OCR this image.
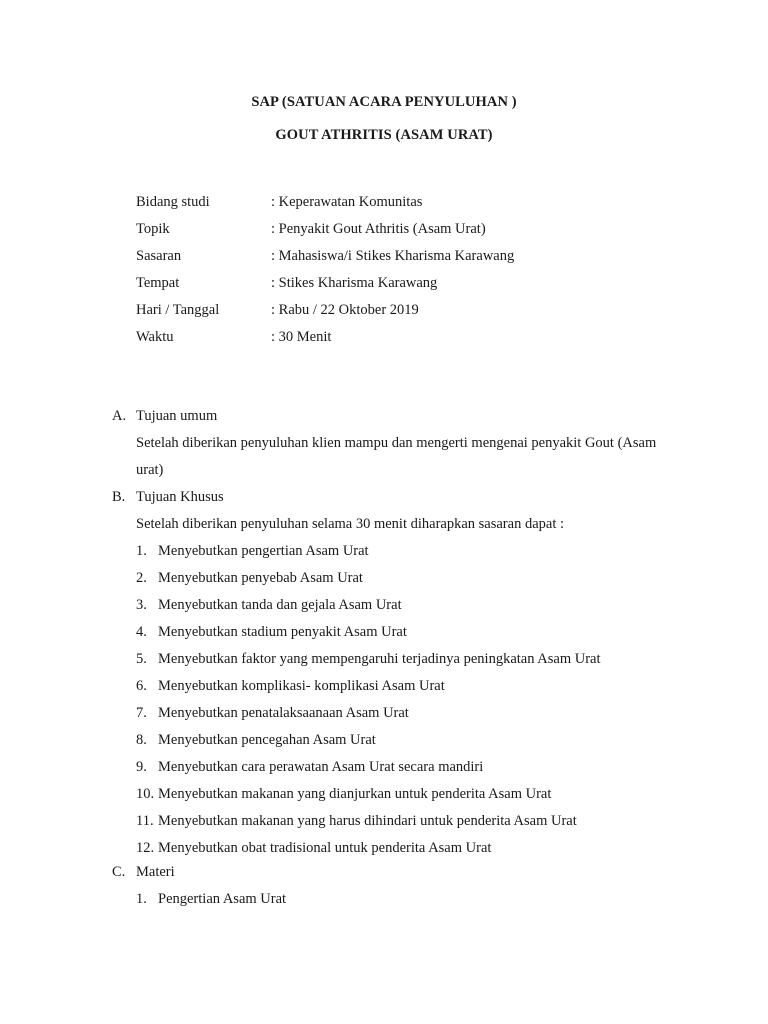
SAP (SATUAN ACARA PENYULUHAN )
GOUT ATHRITIS (ASAM URAT)
Bidang studi	: Keperawatan Komunitas
Topik	: Penyakit Gout Athritis (Asam Urat)
Sasaran	: Mahasiswa/i Stikes Kharisma Karawang
Tempat	: Stikes Kharisma Karawang
Hari / Tanggal	: Rabu / 22 Oktober 2019
Waktu	: 30 Menit
A. Tujuan umum
Setelah diberikan penyuluhan klien mampu dan mengerti mengenai penyakit Gout (Asam
urat)
B. Tujuan Khusus
Setelah diberikan penyuluhan selama 30 menit diharapkan sasaran dapat :
1. Menyebutkan pengertian Asam Urat
2. Menyebutkan penyebab Asam Urat
3. Menyebutkan tanda dan gejala Asam Urat
4. Menyebutkan stadium penyakit Asam Urat
5. Menyebutkan faktor yang mempengaruhi terjadinya peningkatan Asam Urat
6. Menyebutkan komplikasi- komplikasi Asam Urat
7. Menyebutkan penatalaksaanaan Asam Urat
8. Menyebutkan pencegahan Asam Urat
9. Menyebutkan cara perawatan Asam Urat secara mandiri
10. Menyebutkan makanan yang dianjurkan untuk penderita Asam Urat
11. Menyebutkan makanan yang harus dihindari untuk penderita Asam Urat
12. Menyebutkan obat tradisional untuk penderita Asam Urat
C. Materi
1. Pengertian Asam Urat
